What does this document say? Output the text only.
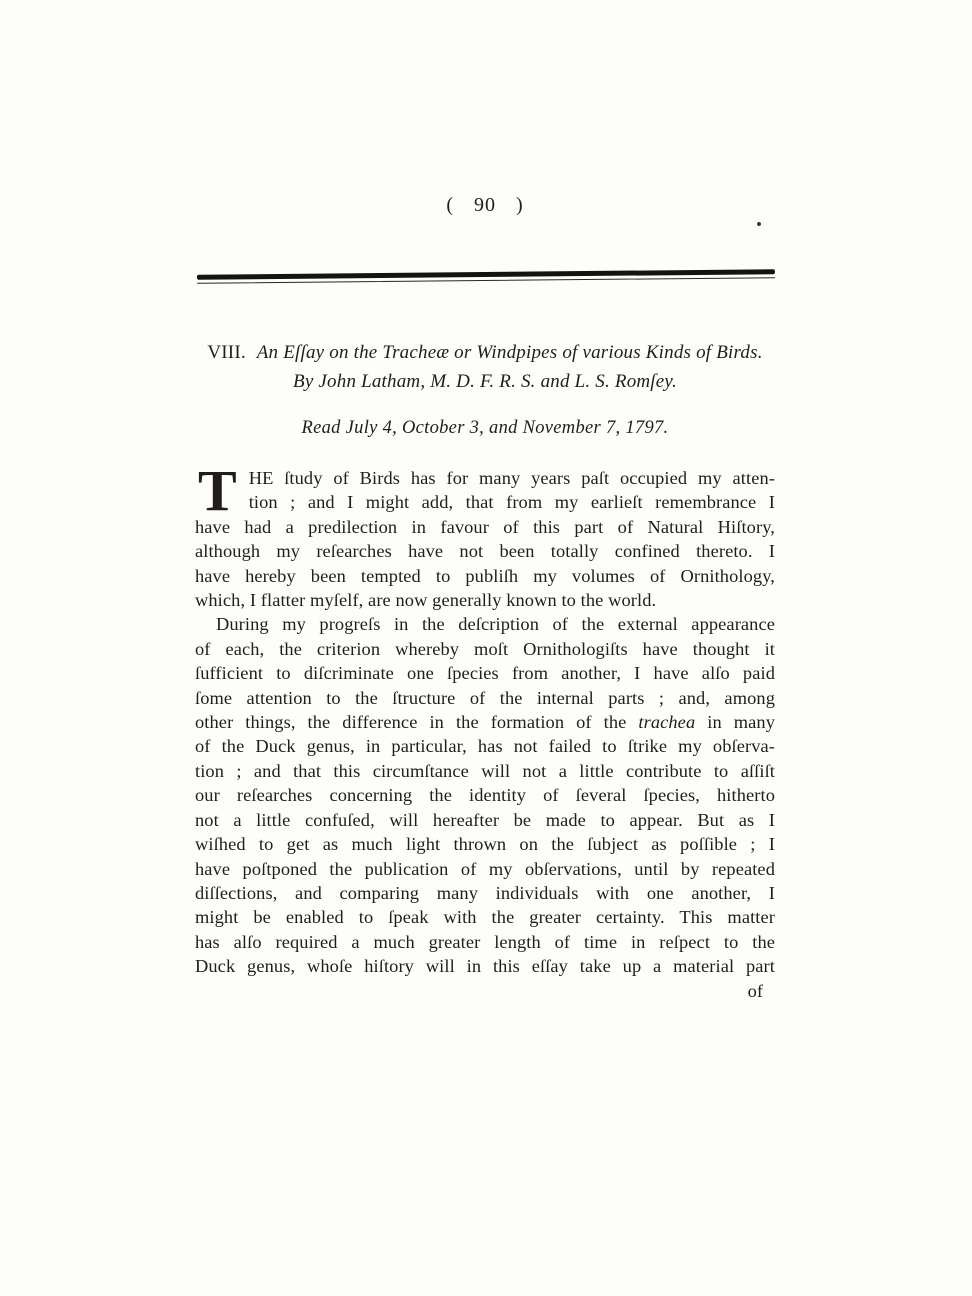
( 90 )
VIII. An Eſſay on the Tracheæ or Windpipes of various Kinds of Birds.
By John Latham, M. D. F. R. S. and L. S. Romſey.
Read July 4, October 3, and November 7, 1797.
T HE ſtudy of Birds has for many years paſt occupied my atten-
tion ; and I might add, that from my earlieſt remembrance I
have had a predilection in favour of this part of Natural Hiſtory,
although my reſearches have not been totally confined thereto. I
have hereby been tempted to publiſh my volumes of Ornithology,
which, I flatter myſelf, are now generally known to the world.
During my progreſs in the deſcription of the external appearance
of each, the criterion whereby moſt Ornithologiſts have thought it
ſufficient to diſcriminate one ſpecies from another, I have alſo paid
ſome attention to the ſtructure of the internal parts ; and, among
other things, the difference in the formation of the trachea in many
of the Duck genus, in particular, has not failed to ſtrike my obſerva-
tion ; and that this circumſtance will not a little contribute to aſſiſt
our reſearches concerning the identity of ſeveral ſpecies, hitherto
not a little confuſed, will hereafter be made to appear. But as I
wiſhed to get as much light thrown on the ſubject as poſſible ; I
have poſtponed the publication of my obſervations, until by repeated
diſſections, and comparing many individuals with one another, I
might be enabled to ſpeak with the greater certainty. This matter
has alſo required a much greater length of time in reſpect to the
Duck genus, whoſe hiſtory will in this eſſay take up a material part
of
